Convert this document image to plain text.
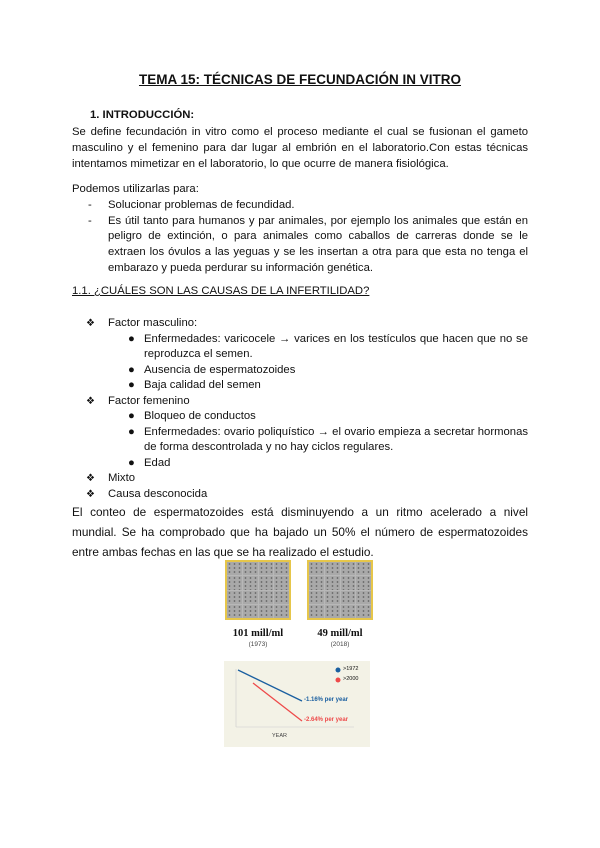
TEMA 15: TÉCNICAS DE FECUNDACIÓN IN VITRO
1. INTRODUCCIÓN:
Se define fecundación in vitro como el proceso mediante el cual se fusionan el gameto masculino y el femenino para dar lugar al embrión en el laboratorio.Con estas técnicas intentamos mimetizar en el laboratorio, lo que ocurre de manera fisiológica.
Podemos utilizarlas para:
- Solucionar problemas de fecundidad.
- Es útil tanto para humanos y par animales, por ejemplo los animales que están en peligro de extinción, o para animales como caballos de carreras donde se le extraen los óvulos a las yeguas y se les insertan a otra para que esta no tenga el embarazo y pueda perdurar su información genética.
1.1. ¿CUÁLES SON LAS CAUSAS DE LA INFERTILIDAD?
❖ Factor masculino:
● Enfermedades: varicocele → varices en los testículos que hacen que no se reproduzca el semen.
● Ausencia de espermatozoides
● Baja calidad del semen
❖ Factor femenino
● Bloqueo de conductos
● Enfermedades: ovario poliquístico → el ovario empieza a secretar hormonas de forma descontrolada y no hay ciclos regulares.
● Edad
❖ Mixto
❖ Causa desconocida
El conteo de espermatozoides está disminuyendo a un ritmo acelerado a nivel mundial. Se ha comprobado que ha bajado un 50% el número de espermatozoides entre ambas fechas en las que se ha realizado el estudio.
101 mill/ml
(1973)
49 mill/ml
(2018)
>1972
>2000
-1.16% per year
-2.64% per year
YEAR
